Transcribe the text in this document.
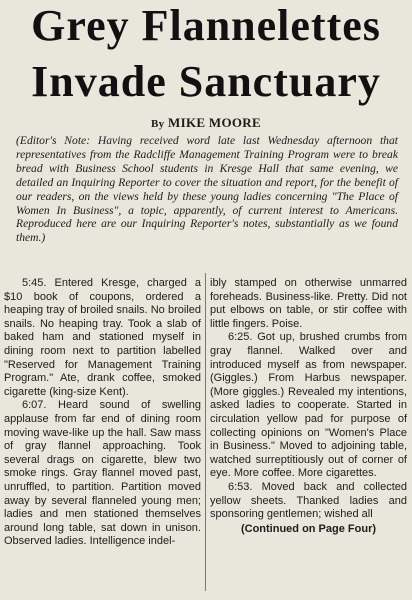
Grey Flannelettes
Invade Sanctuary
By MIKE MOORE
(Editor's Note: Having received word late last Wednesday afternoon that representatives from the Radcliffe Management Training Program were to break bread with Business School students in Kresge Hall that same evening, we detailed an Inquiring Reporter to cover the situation and report, for the benefit of our readers, on the views held by these young ladies concerning "The Place of Women In Business", a topic, apparently, of current interest to Americans. Reproduced here are our Inquiring Reporter's notes, substantially as we found them.)

5:45. Entered Kresge, charged a $10 book of coupons, ordered a heaping tray of broiled snails. No broiled snails. No heaping tray. Took a slab of baked ham and stationed myself in dining room next to partition labelled "Reserved for Management Training Program." Ate, drank coffee, smoked cigarette (king-size Kent).

6:07. Heard sound of swelling applause from far end of dining room moving wave-like up the hall. Saw mass of gray flannel approaching. Took several drags on cigarette, blew two smoke rings. Gray flannel moved past, unruffled, to partition. Partition moved away by several flanneled young men; ladies and men stationed themselves around long table, sat down in unison. Observed ladies. Intelligence indel-

ibly stamped on otherwise unmarred foreheads. Business-like. Pretty. Did not put elbows on table, or stir coffee with little fingers. Poise.

6:25. Got up, brushed crumbs from gray flannel. Walked over and introduced myself as from newspaper. (Giggles.) From Harbus newspaper. (More giggles.) Revealed my intentions, asked ladies to cooperate. Started in circulation yellow pad for purpose of collecting opinions on "Women's Place in Business." Moved to adjoining table, watched surreptitiously out of corner of eye. More coffee. More cigarettes.

6:53. Moved back and collected yellow sheets. Thanked ladies and sponsoring gentlemen; wished all

(Continued on Page Four)
